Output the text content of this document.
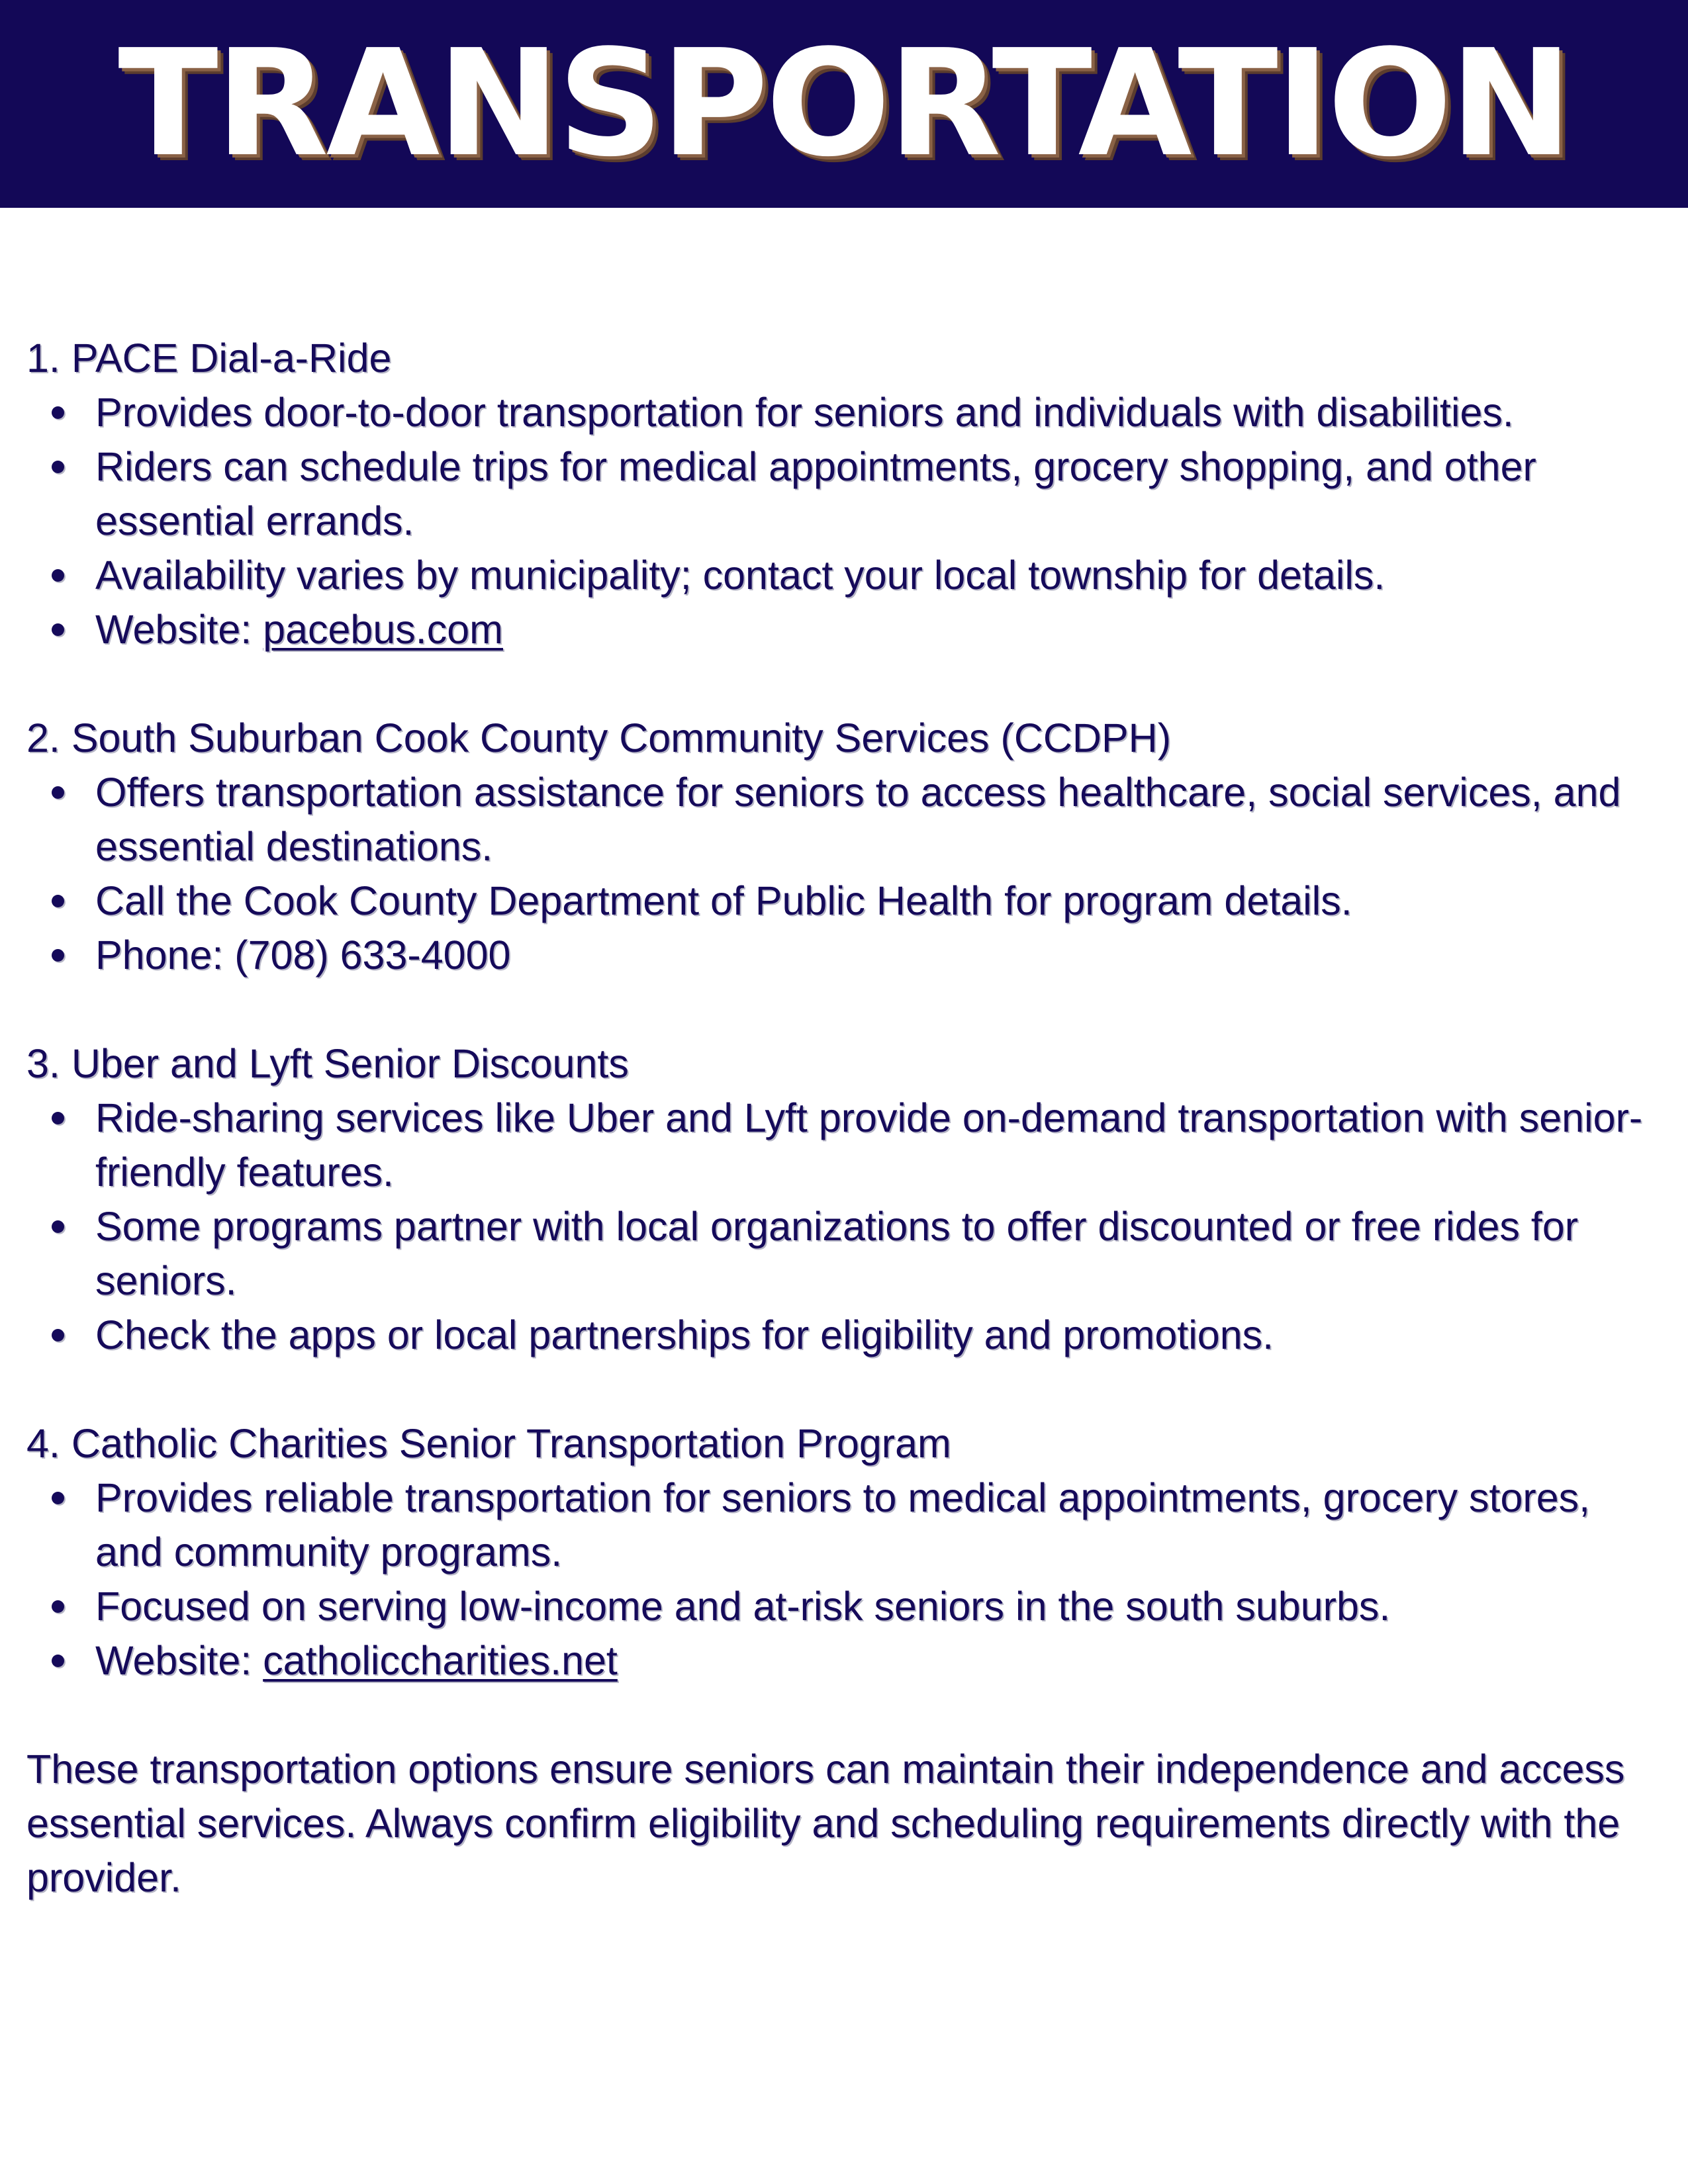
TRANSPORTATION
1. PACE Dial-a-Ride
Provides door-to-door transportation for seniors and individuals with disabilities.
Riders can schedule trips for medical appointments, grocery shopping, and other essential errands.
Availability varies by municipality; contact your local township for details.
Website: pacebus.com
2. South Suburban Cook County Community Services (CCDPH)
Offers transportation assistance for seniors to access healthcare, social services, and essential destinations.
Call the Cook County Department of Public Health for program details.
Phone: (708) 633-4000
3. Uber and Lyft Senior Discounts
Ride-sharing services like Uber and Lyft provide on-demand transportation with senior-friendly features.
Some programs partner with local organizations to offer discounted or free rides for seniors.
Check the apps or local partnerships for eligibility and promotions.
4. Catholic Charities Senior Transportation Program
Provides reliable transportation for seniors to medical appointments, grocery stores, and community programs.
Focused on serving low-income and at-risk seniors in the south suburbs.
Website: catholiccharities.net

These transportation options ensure seniors can maintain their independence and access essential services. Always confirm eligibility and scheduling requirements directly with the provider.
